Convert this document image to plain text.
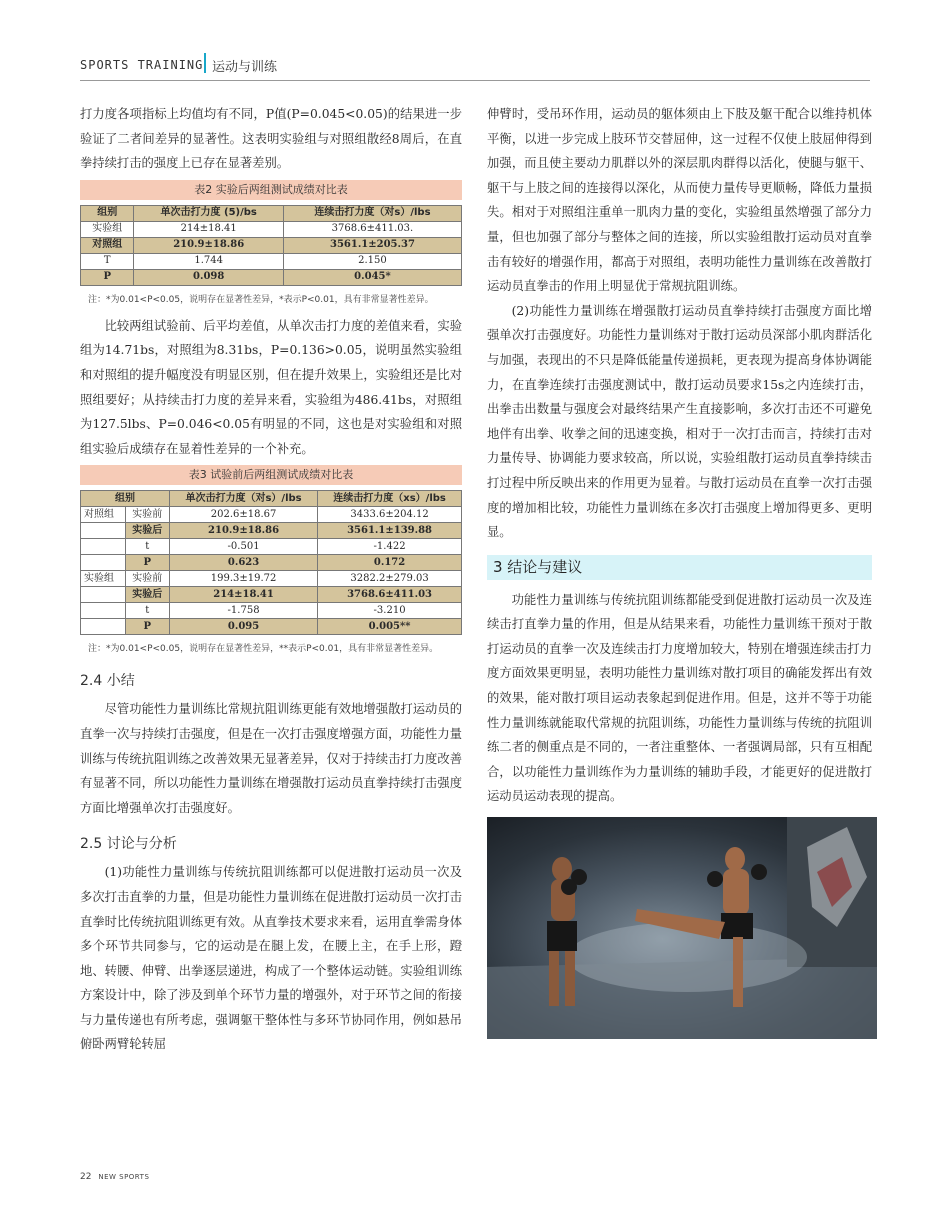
SPORTS TRAINING 运动与训练

打力度各项指标上均值均有不同，P值(P=0.045<0.05)的结果进一步验证了二者间差异的显著性。这表明实验组与对照组散经8周后，在直拳持续打击的强度上已存在显著差别。

表2 实验后两组测试成绩对比表
组别	单次击打力度 (5)/bs	连续击打力度（对s）/lbs
实验组	214±18.41	3768.6±411.03.
对照组	210.9±18.86	3561.1±205.37
T	1.744	2.150
P	0.098	0.045*
注：*为0.01<P<0.05，说明存在显著性差异，*表示P<0.01，具有非常显著性差异。

比较两组试验前、后平均差值，从单次击打力度的差值来看，实验组为14.71bs，对照组为8.31bs，P=0.136>0.05，说明虽然实验组和对照组的提升幅度没有明显区别，但在提升效果上，实验组还是比对照组要好；从持续击打力度的差异来看，实验组为486.41bs，对照组为127.5lbs、P=0.046<0.05有明显的不同，这也是对实验组和对照组实验后成绩存在显着性差异的一个补充。

表3 试验前后两组测试成绩对比表
组别		单次击打力度（对s）/lbs	连续击打力度（xs）/lbs
对照组	实验前	202.6±18.67	3433.6±204.12
	实验后	210.9±18.86	3561.1±139.88
	t	-0.501	-1.422
	P	0.623	0.172
实验组	实验前	199.3±19.72	3282.2±279.03
	实验后	214±18.41	3768.6±411.03
	t	-1.758	-3.210
	P	0.095	0.005**
注：*为0.01<P<0.05，说明存在显著性差异，**表示P<0.01，具有非常显著性差异。
2.4 小结

尽管功能性力量训练比常规抗阻训练更能有效地增强散打运动员的直拳一次与持续打击强度，但是在一次打击强度增强方面，功能性力量训练与传统抗阻训练之改善效果无显著差异，仅对于持续击打力度改善有显著不同，所以功能性力量训练在增强散打运动员直拳持续打击强度方面比增强单次打击强度好。

2.5 讨论与分析

(1)功能性力量训练与传统抗阻训练都可以促进散打运动员一次及多次打击直拳的力量，但是功能性力量训练在促进散打运动员一次打击直拳时比传统抗阻训练更有效。从直拳技术要求来看，运用直拳需身体多个环节共同参与，它的运动是在腿上发，在腰上主，在手上形，蹬地、转腰、伸臂、出拳逐层递进，构成了一个整体运动链。实验组训练方案设计中，除了涉及到单个环节力量的增强外，对于环节之间的衔接与力量传递也有所考虑，强调躯干整体性与多环节协同作用，例如悬吊俯卧两臂轮转屈

伸臂时，受吊环作用，运动员的躯体须由上下肢及躯干配合以维持机体平衡，以进一步完成上肢环节交替屈伸，这一过程不仅使上肢屈伸得到加强，而且使主要动力肌群以外的深层肌肉群得以活化，使腿与躯干、躯干与上肢之间的连接得以深化，从而使力量传导更顺畅，降低力量损失。相对于对照组注重单一肌肉力量的变化，实验组虽然增强了部分力量，但也加强了部分与整体之间的连接，所以实验组散打运动员对直拳击有较好的增强作用，都高于对照组，表明功能性力量训练在改善散打运动员直拳击的作用上明显优于常规抗阻训练。

(2)功能性力量训练在增强散打运动员直拳持续打击强度方面比增强单次打击强度好。功能性力量训练对于散打运动员深部小肌肉群活化与加强，表现出的不只是降低能量传递损耗，更表现为提高身体协调能力，在直拳连续打击强度测试中，散打运动员要求15s之内连续打击，出拳击出数量与强度会对最终结果产生直接影响，多次打击还不可避免地伴有出拳、收拳之间的迅速变换，相对于一次打击而言，持续打击对力量传导、协调能力要求较高，所以说，实验组散打运动员直拳持续击打过程中所反映出来的作用更为显着。与散打运动员在直拳一次打击强度的增加相比较，功能性力量训练在多次打击强度上增加得更多、更明显。

3 结论与建议

功能性力量训练与传统抗阻训练都能受到促进散打运动员一次及连续击打直拳力量的作用，但是从结果来看，功能性力量训练干预对于散打运动员的直拳一次及连续击打力度增加较大，特别在增强连续击打力度方面效果更明显，表明功能性力量训练对散打项目的确能发挥出有效的效果，能对散打项目运动表象起到促进作用。但是，这并不等于功能性力量训练就能取代常规的抗阻训练，功能性力量训练与传统的抗阻训练二者的侧重点是不同的，一者注重整体、一者强调局部，只有互相配合，以功能性力量训练作为力量训练的辅助手段，才能更好的促进散打运动员运动表现的提高。

22 NEW SPORTS
